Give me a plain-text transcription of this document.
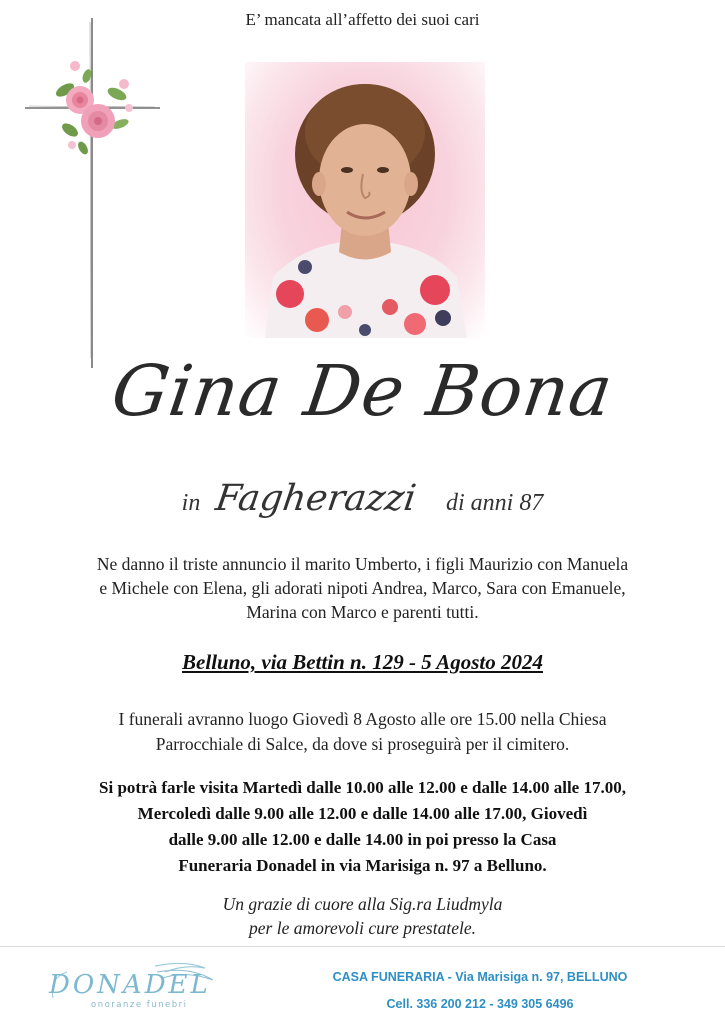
E’ mancata all’affetto dei suoi cari
Gina De Bona
in Fagherazzi di anni 87
Ne danno il triste annuncio il marito Umberto, i figli Maurizio con Manuela
e Michele con Elena, gli adorati nipoti Andrea, Marco, Sara con Emanuele,
Marina con Marco e parenti tutti.
Belluno, via Bettin n. 129 - 5 Agosto 2024
I funerali avranno luogo Giovedì 8 Agosto alle ore 15.00 nella Chiesa
Parrocchiale di Salce, da dove si proseguirà per il cimitero.
Si potrà farle visita Martedì dalle 10.00 alle 12.00 e dalle 14.00 alle 17.00,
Mercoledì dalle 9.00 alle 12.00 e dalle 14.00 alle 17.00, Giovedì
dalle 9.00 alle 12.00 e dalle 14.00 in poi presso la Casa
Funeraria Donadel in via Marisiga n. 97 a Belluno.
Un grazie di cuore alla Sig.ra Liudmyla
per le amorevoli cure prestatele.
DONADEL
onoranze funebri
CASA FUNERARIA - Via Marisiga n. 97, BELLUNO
Cell. 336 200 212 - 349 305 6496
